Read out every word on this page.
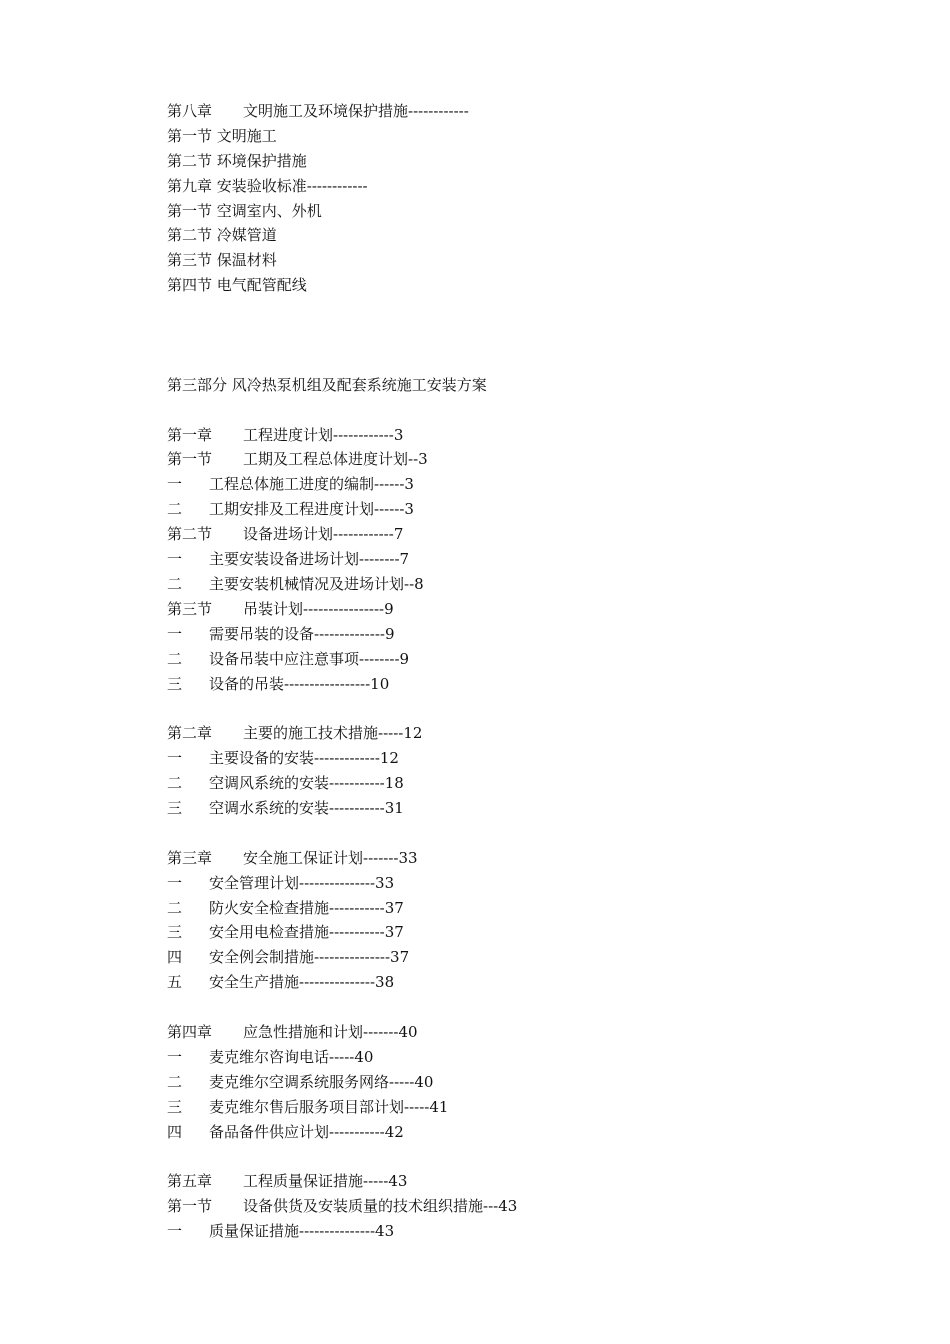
第八章 文明施工及环境保护措施------------
第一节 文明施工
第二节 环境保护措施
第九章 安装验收标准------------
第一节 空调室内、外机
第二节 冷媒管道
第三节 保温材料
第四节 电气配管配线
第三部分 风冷热泵机组及配套系统施工安装方案
第一章 工程进度计划------------3
第一节 工期及工程总体进度计划--3
一 工程总体施工进度的编制------3
二 工期安排及工程进度计划------3
第二节 设备进场计划------------7
一 主要安装设备进场计划--------7
二 主要安装机械情况及进场计划--8
第三节 吊装计划----------------9
一 需要吊装的设备--------------9
二 设备吊装中应注意事项--------9
三 设备的吊装-----------------10
第二章 主要的施工技术措施-----12
一 主要设备的安装-------------12
二 空调风系统的安装-----------18
三 空调水系统的安装-----------31
第三章 安全施工保证计划-------33
一 安全管理计划---------------33
二 防火安全检查措施-----------37
三 安全用电检查措施-----------37
四 安全例会制措施---------------37
五 安全生产措施---------------38
第四章 应急性措施和计划-------40
一 麦克维尔咨询电话-----40
二 麦克维尔空调系统服务网络-----40
三 麦克维尔售后服务项目部计划-----41
四 备品备件供应计划-----------42
第五章 工程质量保证措施-----43
第一节 设备供货及安装质量的技术组织措施---43
一 质量保证措施---------------43
